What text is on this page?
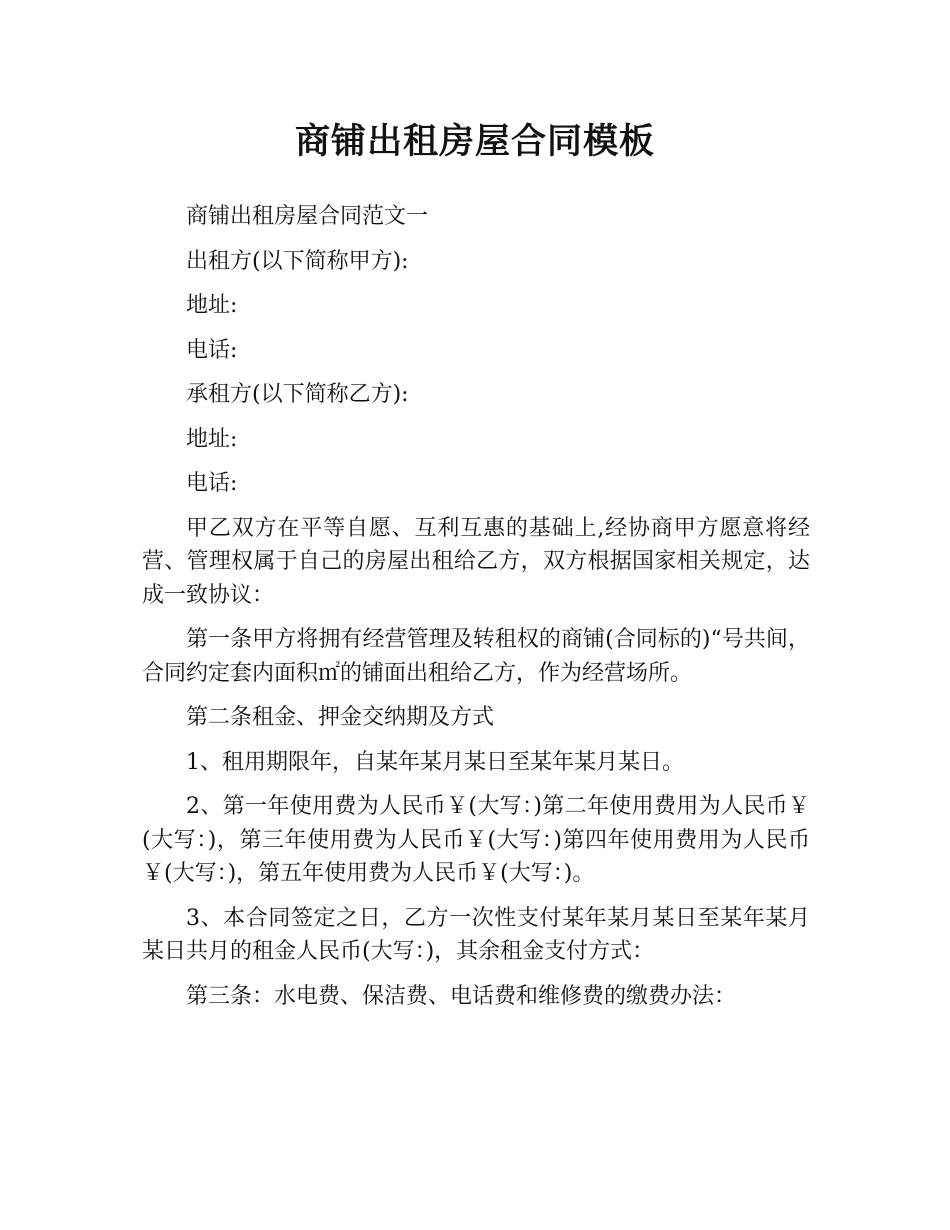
商铺出租房屋合同模板

商铺出租房屋合同范文一

出租方(以下简称甲方):

地址:

电话:

承租方(以下简称乙方):

地址:

电话:

甲乙双方在平等自愿、互利互惠的基础上,经协商甲方愿意将经营、管理权属于自己的房屋出租给乙方，双方根据国家相关规定，达成一致协议：

第一条甲方将拥有经营管理及转租权的商铺(合同标的)“号共间，合同约定套内面积㎡的铺面出租给乙方，作为经营场所。

第二条租金、押金交纳期及方式

1、租用期限年，自某年某月某日至某年某月某日。

2、第一年使用费为人民币￥(大写：)第二年使用费用为人民币￥(大写：)，第三年使用费为人民币￥(大写：)第四年使用费用为人民币￥(大写：)，第五年使用费为人民币￥(大写：)。

3、本合同签定之日，乙方一次性支付某年某月某日至某年某月某日共月的租金人民币(大写：)，其余租金支付方式：

第三条：水电费、保洁费、电话费和维修费的缴费办法：
